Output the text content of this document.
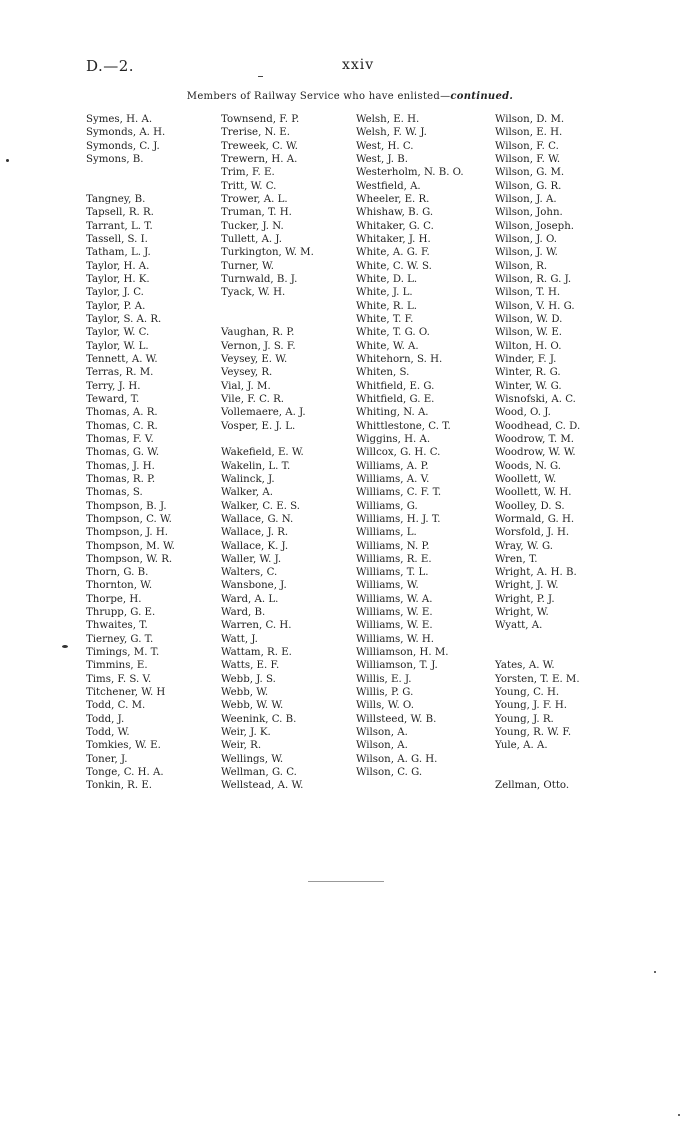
D.—2.	xxiv
Members of Railway Service who have enlisted—continued.
Symes, H. A.
Symonds, A. H.
Symonds, C. J.
Symons, B.
Tangney, B.
Tapsell, R. R.
Tarrant, L. T.
Tassell, S. I.
Tatham, L. J.
Taylor, H. A.
Taylor, H. K.
Taylor, J. C.
Taylor, P. A.
Taylor, S. A. R.
Taylor, W. C.
Taylor, W. L.
Tennett, A. W.
Terras, R. M.
Terry, J. H.
Teward, T.
Thomas, A. R.
Thomas, C. R.
Thomas, F. V.
Thomas, G. W.
Thomas, J. H.
Thomas, R. P.
Thomas, S.
Thompson, B. J.
Thompson, C. W.
Thompson, J. H.
Thompson, M. W.
Thompson, W. R.
Thorn, G. B.
Thornton, W.
Thorpe, H.
Thrupp, G. E.
Thwaites, T.
Tierney, G. T.
Timings, M. T.
Timmins, E.
Tims, F. S. V.
Titchener, W. H
Todd, C. M.
Todd, J.
Todd, W.
Tomkies, W. E.
Toner, J.
Tonge, C. H. A.
Tonkin, R. E.
Townsend, F. P.
Trerise, N. E.
Treweek, C. W.
Trewern, H. A.
Trim, F. E.
Tritt, W. C.
Trower, A. L.
Truman, T. H.
Tucker, J. N.
Tullett, A. J.
Turkington, W. M.
Turner, W.
Turnwald, B. J.
Tyack, W. H.
Vaughan, R. P.
Vernon, J. S. F.
Veysey, E. W.
Veysey, R.
Vial, J. M.
Vile, F. C. R.
Vollemaere, A. J.
Vosper, E. J. L.
Wakefield, E. W.
Wakelin, L. T.
Walinck, J.
Walker, A.
Walker, C. E. S.
Wallace, G. N.
Wallace, J. R.
Wallace, K. J.
Waller, W. J.
Walters, C.
Wansbone, J.
Ward, A. L.
Ward, B.
Warren, C. H.
Watt, J.
Wattam, R. E.
Watts, E. F.
Webb, J. S.
Webb, W.
Webb, W. W.
Weenink, C. B.
Weir, J. K.
Weir, R.
Wellings, W.
Wellman, G. C.
Wellstead, A. W.
Welsh, E. H.
Welsh, F. W. J.
West, H. C.
West, J. B.
Westerholm, N. B. O.
Westfield, A.
Wheeler, E. R.
Whishaw, B. G.
Whitaker, G. C.
Whitaker, J. H.
White, A. G. F.
White, C. W. S.
White, D. L.
White, J. L.
White, R. L.
White, T. F.
White, T. G. O.
White, W. A.
Whitehorn, S. H.
Whiten, S.
Whitfield, E. G.
Whitfield, G. E.
Whiting, N. A.
Whittlestone, C. T.
Wiggins, H. A.
Willcox, G. H. C.
Williams, A. P.
Williams, A. V.
Williams, C. F. T.
Williams, G.
Williams, H. J. T.
Williams, L.
Williams, N. P.
Williams, R. E.
Williams, T. L.
Williams, W.
Williams, W. A.
Williams, W. E.
Williams, W. E.
Williams, W. H.
Williamson, H. M.
Williamson, T. J.
Willis, E. J.
Willis, P. G.
Wills, W. O.
Willsteed, W. B.
Wilson, A.
Wilson, A.
Wilson, A. G. H.
Wilson, C. G.
Wilson, D. M.
Wilson, E. H.
Wilson, F. C.
Wilson, F. W.
Wilson, G. M.
Wilson, G. R.
Wilson, J. A.
Wilson, John.
Wilson, Joseph.
Wilson, J. O.
Wilson, J. W.
Wilson, R.
Wilson, R. G. J.
Wilson, T. H.
Wilson, V. H. G.
Wilson, W. D.
Wilson, W. E.
Wilton, H. O.
Winder, F. J.
Winter, R. G.
Winter, W. G.
Wisnofski, A. C.
Wood, O. J.
Woodhead, C. D.
Woodrow, T. M.
Woodrow, W. W.
Woods, N. G.
Woollett, W.
Woollett, W. H.
Woolley, D. S.
Wormald, G. H.
Worsfold, J. H.
Wray, W. G.
Wren, T.
Wright, A. H. B.
Wright, J. W.
Wright, P. J.
Wright, W.
Wyatt, A.
Yates, A. W.
Yorsten, T. E. M.
Young, C. H.
Young, J. F. H.
Young, J. R.
Young, R. W. F.
Yule, A. A.
Zellman, Otto.
